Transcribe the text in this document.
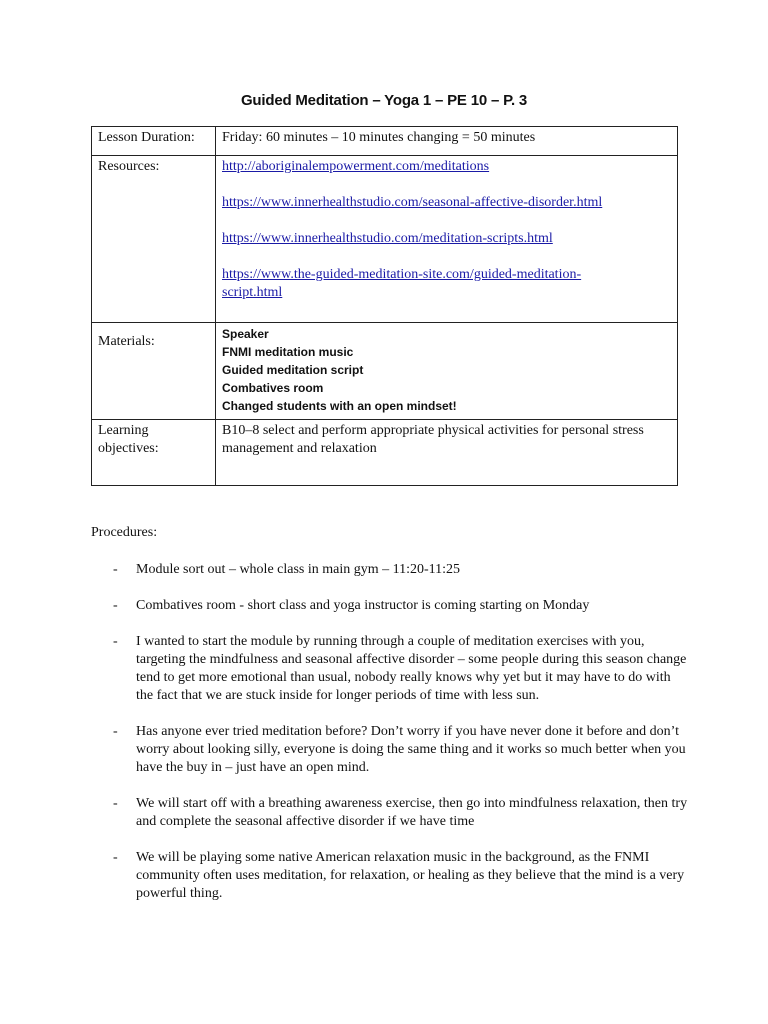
Guided Meditation – Yoga 1 – PE 10 – P. 3
Lesson Duration:	Friday: 60 minutes – 10 minutes changing = 50 minutes
Resources:	http://aboriginalempowerment.com/meditations
https://www.innerhealthstudio.com/seasonal-affective-disorder.html
https://www.innerhealthstudio.com/meditation-scripts.html
https://www.the-guided-meditation-site.com/guided-meditation-script.html

Materials:	Speaker
FNMI meditation music
Guided meditation script
Combatives room
Changed students with an open mindset!

Learning objectives:	B10–8 select and perform appropriate physical activities for personal stress management and relaxation
Procedures:
- Module sort out – whole class in main gym – 11:20-11:25
- Combatives room - short class and yoga instructor is coming starting on Monday
- I wanted to start the module by running through a couple of meditation exercises with you, targeting the mindfulness and seasonal affective disorder – some people during this season change tend to get more emotional than usual, nobody really knows why yet but it may have to do with the fact that we are stuck inside for longer periods of time with less sun.
- Has anyone ever tried meditation before? Don’t worry if you have never done it before and don’t worry about looking silly, everyone is doing the same thing and it works so much better when you have the buy in – just have an open mind.
- We will start off with a breathing awareness exercise, then go into mindfulness relaxation, then try and complete the seasonal affective disorder if we have time
- We will be playing some native American relaxation music in the background, as the FNMI community often uses meditation, for relaxation, or healing as they believe that the mind is a very powerful thing.
